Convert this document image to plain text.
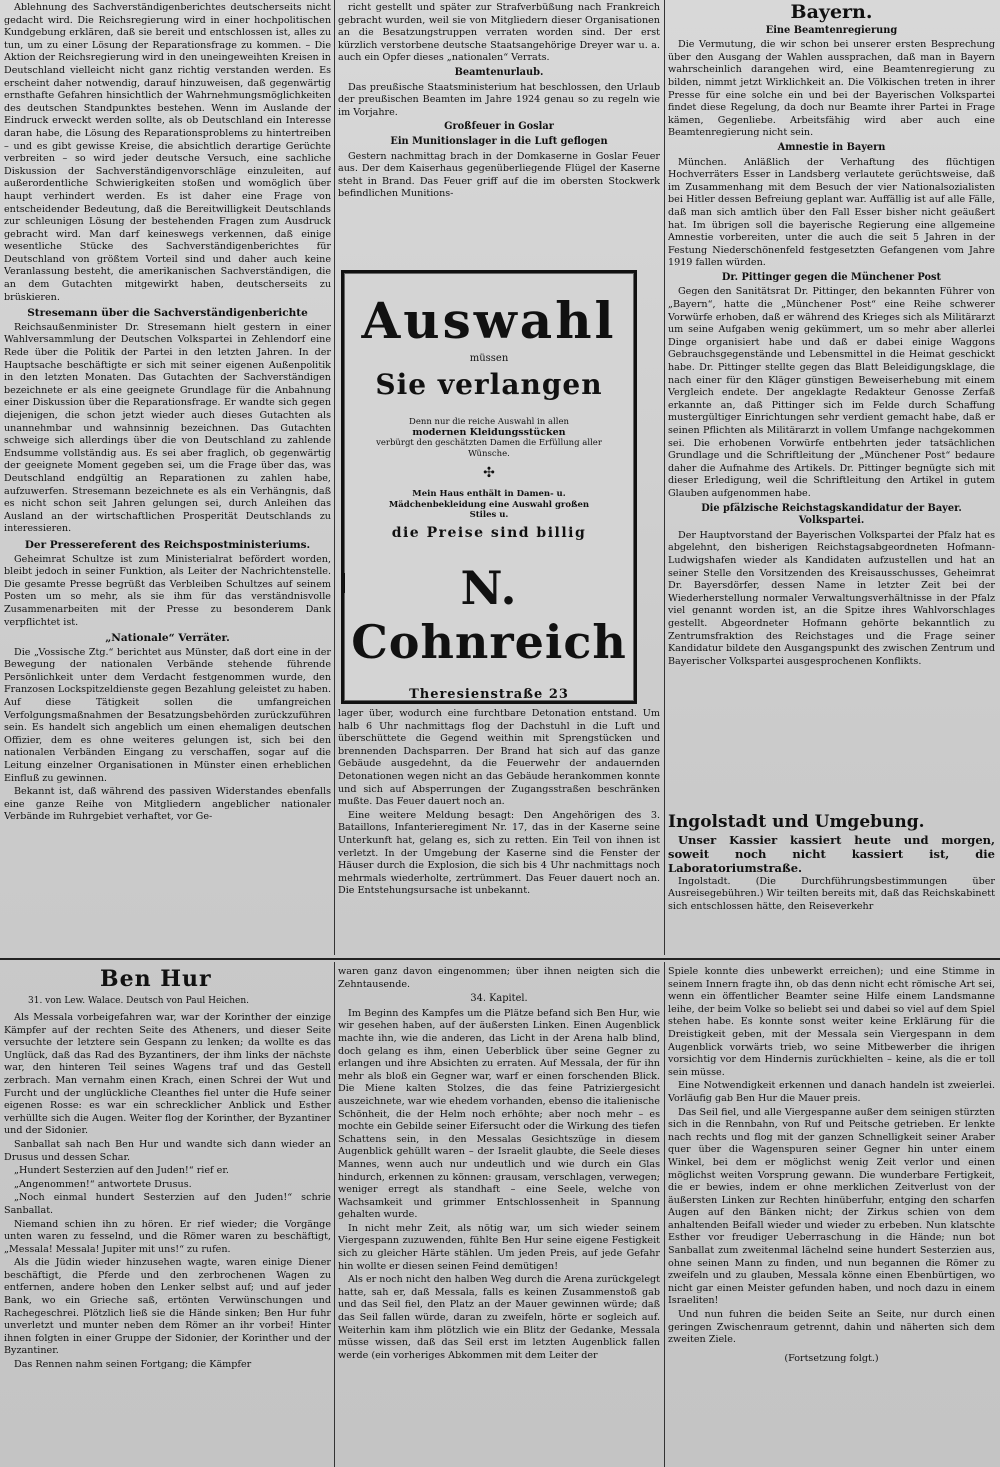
Ablehnung des Sachverständigenberichtes deutscherseits nicht gedacht wird. Die Reichsregierung wird in einer hochpolitischen Kundgebung erklären, daß sie bereit und entschlossen ist, alles zu tun, um zu einer Lösung der Reparationsfrage zu kommen. – Die Aktion der Reichsregierung wird in den uneingeweihten Kreisen in Deutschland vielleicht nicht ganz richtig verstanden werden. Es erscheint daher notwendig, darauf hinzuweisen, daß gegenwärtig ernsthafte Gefahren hinsichtlich der Wahrnehmungsmöglichkeiten des deutschen Standpunktes bestehen. Wenn im Auslande der Eindruck erweckt werden sollte, als ob Deutschland ein Interesse daran habe, die Lösung des Reparationsproblems zu hintertreiben – und es gibt gewisse Kreise, die absichtlich derartige Gerüchte verbreiten – so wird jeder deutsche Versuch, eine sachliche Diskussion der Sachverständigenvorschläge einzuleiten, auf außerordentliche Schwierigkeiten stoßen und womöglich über haupt verhindert werden. Es ist daher eine Frage von entscheidender Bedeutung, daß die Bereitwilligkeit Deutschlands zur schleunigen Lösung der bestehenden Fragen zum Ausdruck gebracht wird. Man darf keineswegs verkennen, daß einige wesentliche Stücke des Sachverständigenberichtes für Deutschland von größtem Vorteil sind und daher auch keine Veranlassung besteht, die amerikanischen Sachverständigen, die an dem Gutachten mitgewirkt haben, deutscherseits zu brüskieren.

Stresemann über die Sachverständigenberichte

Reichsaußenminister Dr. Stresemann hielt gestern in einer Wahlversammlung der Deutschen Volkspartei in Zehlendorf eine Rede über die Politik der Partei in den letzten Jahren. In der Hauptsache beschäftigte er sich mit seiner eigenen Außenpolitik in den letzten Monaten. Das Gutachten der Sachverständigen bezeichnete er als eine geeignete Grundlage für die Anbahnung einer Diskussion über die Reparationsfrage. Er wandte sich gegen diejenigen, die schon jetzt wieder auch dieses Gutachten als unannehmbar und wahnsinnig bezeichnen. Das Gutachten schweige sich allerdings über die von Deutschland zu zahlende Endsumme vollständig aus. Es sei aber fraglich, ob gegenwärtig der geeignete Moment gegeben sei, um die Frage über das, was Deutschland endgültig an Reparationen zu zahlen habe, aufzuwerfen. Stresemann bezeichnete es als ein Verhängnis, daß es nicht schon seit Jahren gelungen sei, durch Anleihen das Ausland an der wirtschaftlichen Prosperität Deutschlands zu interessieren.

Der Pressereferent des Reichspostministeriums.

Geheimrat Schultze ist zum Ministerialrat befördert worden, bleibt jedoch in seiner Funktion, als Leiter der Nachrichtenstelle. Die gesamte Presse begrüßt das Verbleiben Schultzes auf seinem Posten um so mehr, als sie ihm für das verständnisvolle Zusammenarbeiten mit der Presse zu besonderem Dank verpflichtet ist.

„Nationale“ Verräter.

Die „Vossische Ztg.“ berichtet aus Münster, daß dort eine in der Bewegung der nationalen Verbände stehende führende Persönlichkeit unter dem Verdacht festgenommen wurde, den Franzosen Lockspitzeldienste gegen Bezahlung geleistet zu haben. Auf diese Tätigkeit sollen die umfangreichen Verfolgungsmaßnahmen der Besatzungsbehörden zurückzuführen sein. Es handelt sich angeblich um einen ehemaligen deutschen Offizier, dem es ohne weiteres gelungen ist, sich bei den nationalen Verbänden Eingang zu verschaffen, sogar auf die Leitung einzelner Organisationen in Münster einen erheblichen Einfluß zu gewinnen.

Bekannt ist, daß während des passiven Widerstandes ebenfalls eine ganze Reihe von Mitgliedern angeblicher nationaler Verbände im Ruhrgebiet verhaftet, vor Ge-

richt gestellt und später zur Strafverbüßung nach Frankreich gebracht wurden, weil sie von Mitgliedern dieser Organisationen an die Besatzungstruppen verraten worden sind. Der erst kürzlich verstorbene deutsche Staatsangehörige Dreyer war u. a. auch ein Opfer dieses „nationalen“ Verrats.

Beamtenurlaub.

Das preußische Staatsministerium hat beschlossen, den Urlaub der preußischen Beamten im Jahre 1924 genau so zu regeln wie im Vorjahre.

Großfeuer in Goslar
Ein Munitionslager in die Luft geflogen

Gestern nachmittag brach in der Domkaserne in Goslar Feuer aus. Der dem Kaiserhaus gegenüberliegende Flügel der Kaserne steht in Brand. Das Feuer griff auf die im obersten Stockwerk befindlichen Munitions-

Auswahl
müssen
Sie verlangen
Denn nur die reiche Auswahl in allen
modernen Kleidungsstücken
verbürgt den geschätzten Damen die Erfüllung aller Wünsche.
✣
Mein Haus enthält in Damen- u. Mädchenbekleidung eine Auswahl großen Stiles u.
die Preise sind billig
N. Cohnreich
Theresienstraße 23

lager über, wodurch eine furchtbare Detonation entstand. Um halb 6 Uhr nachmittags flog der Dachstuhl in die Luft und überschüttete die Gegend weithin mit Sprengstücken und brennenden Dachsparren. Der Brand hat sich auf das ganze Gebäude ausgedehnt, da die Feuerwehr der andauernden Detonationen wegen nicht an das Gebäude herankommen konnte und sich auf Absperrungen der Zugangsstraßen beschränken mußte. Das Feuer dauert noch an.

Eine weitere Meldung besagt: Den Angehörigen des 3. Bataillons, Infanterieregiment Nr. 17, das in der Kaserne seine Unterkunft hat, gelang es, sich zu retten. Ein Teil von ihnen ist verletzt. In der Umgebung der Kaserne sind die Fenster der Häuser durch die Explosion, die sich bis 4 Uhr nachmittags noch mehrmals wiederholte, zertrümmert. Das Feuer dauert noch an. Die Entstehungsursache ist unbekannt.

Bayern.
Eine Beamtenregierung

Die Vermutung, die wir schon bei unserer ersten Besprechung über den Ausgang der Wahlen aussprachen, daß man in Bayern wahrscheinlich darangehen wird, eine Beamtenregierung zu bilden, nimmt jetzt Wirklichkeit an. Die Völkischen treten in ihrer Presse für eine solche ein und bei der Bayerischen Volkspartei findet diese Regelung, da doch nur Beamte ihrer Partei in Frage kämen, Gegenliebe. Arbeitsfähig wird aber auch eine Beamtenregierung nicht sein.

Amnestie in Bayern

München. Anläßlich der Verhaftung des flüchtigen Hochverräters Esser in Landsberg verlautete gerüchtsweise, daß im Zusammenhang mit dem Besuch der vier Nationalsozialisten bei Hitler dessen Befreiung geplant war. Auffällig ist auf alle Fälle, daß man sich amtlich über den Fall Esser bisher nicht geäußert hat. Im übrigen soll die bayerische Regierung eine allgemeine Amnestie vorbereiten, unter die auch die seit 5 Jahren in der Festung Niederschönenfeld festgesetzten Gefangenen vom Jahre 1919 fallen würden.

Dr. Pittinger gegen die Münchener Post

Gegen den Sanitätsrat Dr. Pittinger, den bekannten Führer von „Bayern“, hatte die „Münchener Post“ eine Reihe schwerer Vorwürfe erhoben, daß er während des Krieges sich als Militärarzt um seine Aufgaben wenig gekümmert, um so mehr aber allerlei Dinge organisiert habe und daß er dabei einige Waggons Gebrauchsgegenstände und Lebensmittel in die Heimat geschickt habe. Dr. Pittinger stellte gegen das Blatt Beleidigungsklage, die nach einer für den Kläger günstigen Beweiserhebung mit einem Vergleich endete. Der angeklagte Redakteur Genosse Zerfaß erkannte an, daß Pittinger sich im Felde durch Schaffung mustergültiger Einrichtungen sehr verdient gemacht habe, daß er seinen Pflichten als Militärarzt in vollem Umfange nachgekommen sei. Die erhobenen Vorwürfe entbehrten jeder tatsächlichen Grundlage und die Schriftleitung der „Münchener Post“ bedaure daher die Aufnahme des Artikels. Dr. Pittinger begnügte sich mit dieser Erledigung, weil die Schriftleitung den Artikel in gutem Glauben aufgenommen habe.

Die pfälzische Reichstagskandidatur der Bayer. Volkspartei.

Der Hauptvorstand der Bayerischen Volkspartei der Pfalz hat es abgelehnt, den bisherigen Reichstagsabgeordneten Hofmann-Ludwigshafen wieder als Kandidaten aufzustellen und hat an seiner Stelle den Vorsitzenden des Kreisausschusses, Geheimrat Dr. Bayersdörfer, dessen Name in letzter Zeit bei der Wiederherstellung normaler Verwaltungsverhältnisse in der Pfalz viel genannt worden ist, an die Spitze ihres Wahlvorschlages gestellt. Abgeordneter Hofmann gehörte bekanntlich zu Zentrumsfraktion des Reichstages und die Frage seiner Kandidatur bildete den Ausgangspunkt des zwischen Zentrum und Bayerischer Volkspartei ausgesprochenen Konflikts.

Ingolstadt und Umgebung.

Unser Kassier kassiert heute und morgen, soweit noch nicht kassiert ist, die Laboratoriumstraße.

Ingolstadt. (Die Durchführungsbestimmungen über Ausreisegebühren.) Wir teilten bereits mit, daß das Reichskabinett sich entschlossen hätte, den Reiseverkehr

Ben Hur
31. von Lew. Walace. Deutsch von Paul Heichen.

Als Messala vorbeigefahren war, war der Korinther der einzige Kämpfer auf der rechten Seite des Atheners, und dieser Seite versuchte der letztere sein Gespann zu lenken; da wollte es das Unglück, daß das Rad des Byzantiners, der ihm links der nächste war, den hinteren Teil seines Wagens traf und das Gestell zerbrach. Man vernahm einen Krach, einen Schrei der Wut und Furcht und der unglückliche Cleanthes fiel unter die Hufe seiner eigenen Rosse: es war ein schrecklicher Anblick und Esther verhüllte sich die Augen. Weiter flog der Korinther, der Byzantiner und der Sidonier.

Sanballat sah nach Ben Hur und wandte sich dann wieder an Drusus und dessen Schar.

„Hundert Sesterzien auf den Juden!“ rief er.

„Angenommen!“ antwortete Drusus.

„Noch einmal hundert Sesterzien auf den Juden!“ schrie Sanballat.

Niemand schien ihn zu hören. Er rief wieder; die Vorgänge unten waren zu fesselnd, und die Römer waren zu beschäftigt, „Messala! Messala! Jupiter mit uns!“ zu rufen.

Als die Jüdin wieder hinzusehen wagte, waren einige Diener beschäftigt, die Pferde und den zerbrochenen Wagen zu entfernen, andere hoben den Lenker selbst auf; und auf jeder Bank, wo ein Grieche saß, ertönten Verwünschungen und Rachegeschrei. Plötzlich ließ sie die Hände sinken; Ben Hur fuhr unverletzt und munter neben dem Römer an ihr vorbei! Hinter ihnen folgten in einer Gruppe der Sidonier, der Korinther und der Byzantiner.

Das Rennen nahm seinen Fortgang; die Kämpfer

waren ganz davon eingenommen; über ihnen neigten sich die Zehntausende.

34. Kapitel.

Im Beginn des Kampfes um die Plätze befand sich Ben Hur, wie wir gesehen haben, auf der äußersten Linken. Einen Augenblick machte ihn, wie die anderen, das Licht in der Arena halb blind, doch gelang es ihm, einen Ueberblick über seine Gegner zu erlangen und ihre Absichten zu erraten. Auf Messala, der für ihn mehr als bloß ein Gegner war, warf er einen forschenden Blick. Die Miene kalten Stolzes, die das feine Patriziergesicht auszeichnete, war wie ehedem vorhanden, ebenso die italienische Schönheit, die der Helm noch erhöhte; aber noch mehr – es mochte ein Gebilde seiner Eifersucht oder die Wirkung des tiefen Schattens sein, in den Messalas Gesichtszüge in diesem Augenblick gehüllt waren – der Israelit glaubte, die Seele dieses Mannes, wenn auch nur undeutlich und wie durch ein Glas hindurch, erkennen zu können: grausam, verschlagen, verwegen; weniger erregt als standhaft – eine Seele, welche von Wachsamkeit und grimmer Entschlossenheit in Spannung gehalten wurde.

In nicht mehr Zeit, als nötig war, um sich wieder seinem Viergespann zuzuwenden, fühlte Ben Hur seine eigene Festigkeit sich zu gleicher Härte stählen. Um jeden Preis, auf jede Gefahr hin wollte er diesen seinen Feind demütigen!

Als er noch nicht den halben Weg durch die Arena zurückgelegt hatte, sah er, daß Messala, falls es keinen Zusammenstoß gab und das Seil fiel, den Platz an der Mauer gewinnen würde; daß das Seil fallen würde, daran zu zweifeln, hörte er sogleich auf. Weiterhin kam ihm plötzlich wie ein Blitz der Gedanke, Messala müsse wissen, daß das Seil erst im letzten Augenblick fallen werde (ein vorheriges Abkommen mit dem Leiter der

Spiele konnte dies unbewerkt erreichen); und eine Stimme in seinem Innern fragte ihn, ob das denn nicht echt römische Art sei, wenn ein öffentlicher Beamter seine Hilfe einem Landsmanne leihe, der beim Volke so beliebt sei und dabei so viel auf dem Spiel stehen habe. Es konnte sonst weiter keine Erklärung für die Dreistigkeit geben, mit der Messala sein Viergespann in dem Augenblick vorwärts trieb, wo seine Mitbewerber die ihrigen vorsichtig vor dem Hindernis zurückhielten – keine, als die er toll sein müsse.

Eine Notwendigkeit erkennen und danach handeln ist zweierlei. Vorläufig gab Ben Hur die Mauer preis.

Das Seil fiel, und alle Viergespanne außer dem seinigen stürzten sich in die Rennbahn, von Ruf und Peitsche getrieben. Er lenkte nach rechts und flog mit der ganzen Schnelligkeit seiner Araber quer über die Wagenspuren seiner Gegner hin unter einem Winkel, bei dem er möglichst wenig Zeit verlor und einen möglichst weiten Vorsprung gewann. Die wunderbare Fertigkeit, die er bewies, indem er ohne merklichen Zeitverlust von der äußersten Linken zur Rechten hinüberfuhr, entging den scharfen Augen auf den Bänken nicht; der Zirkus schien von dem anhaltenden Beifall wieder und wieder zu erbeben. Nun klatschte Esther vor freudiger Ueberraschung in die Hände; nun bot Sanballat zum zweitenmal lächelnd seine hundert Sesterzien aus, ohne seinen Mann zu finden, und nun begannen die Römer zu zweifeln und zu glauben, Messala könne einen Ebenbürtigen, wo nicht gar einen Meister gefunden haben, und noch dazu in einem Israeliten!

Und nun fuhren die beiden Seite an Seite, nur durch einen geringen Zwischenraum getrennt, dahin und näherten sich dem zweiten Ziele.

(Fortsetzung folgt.)
